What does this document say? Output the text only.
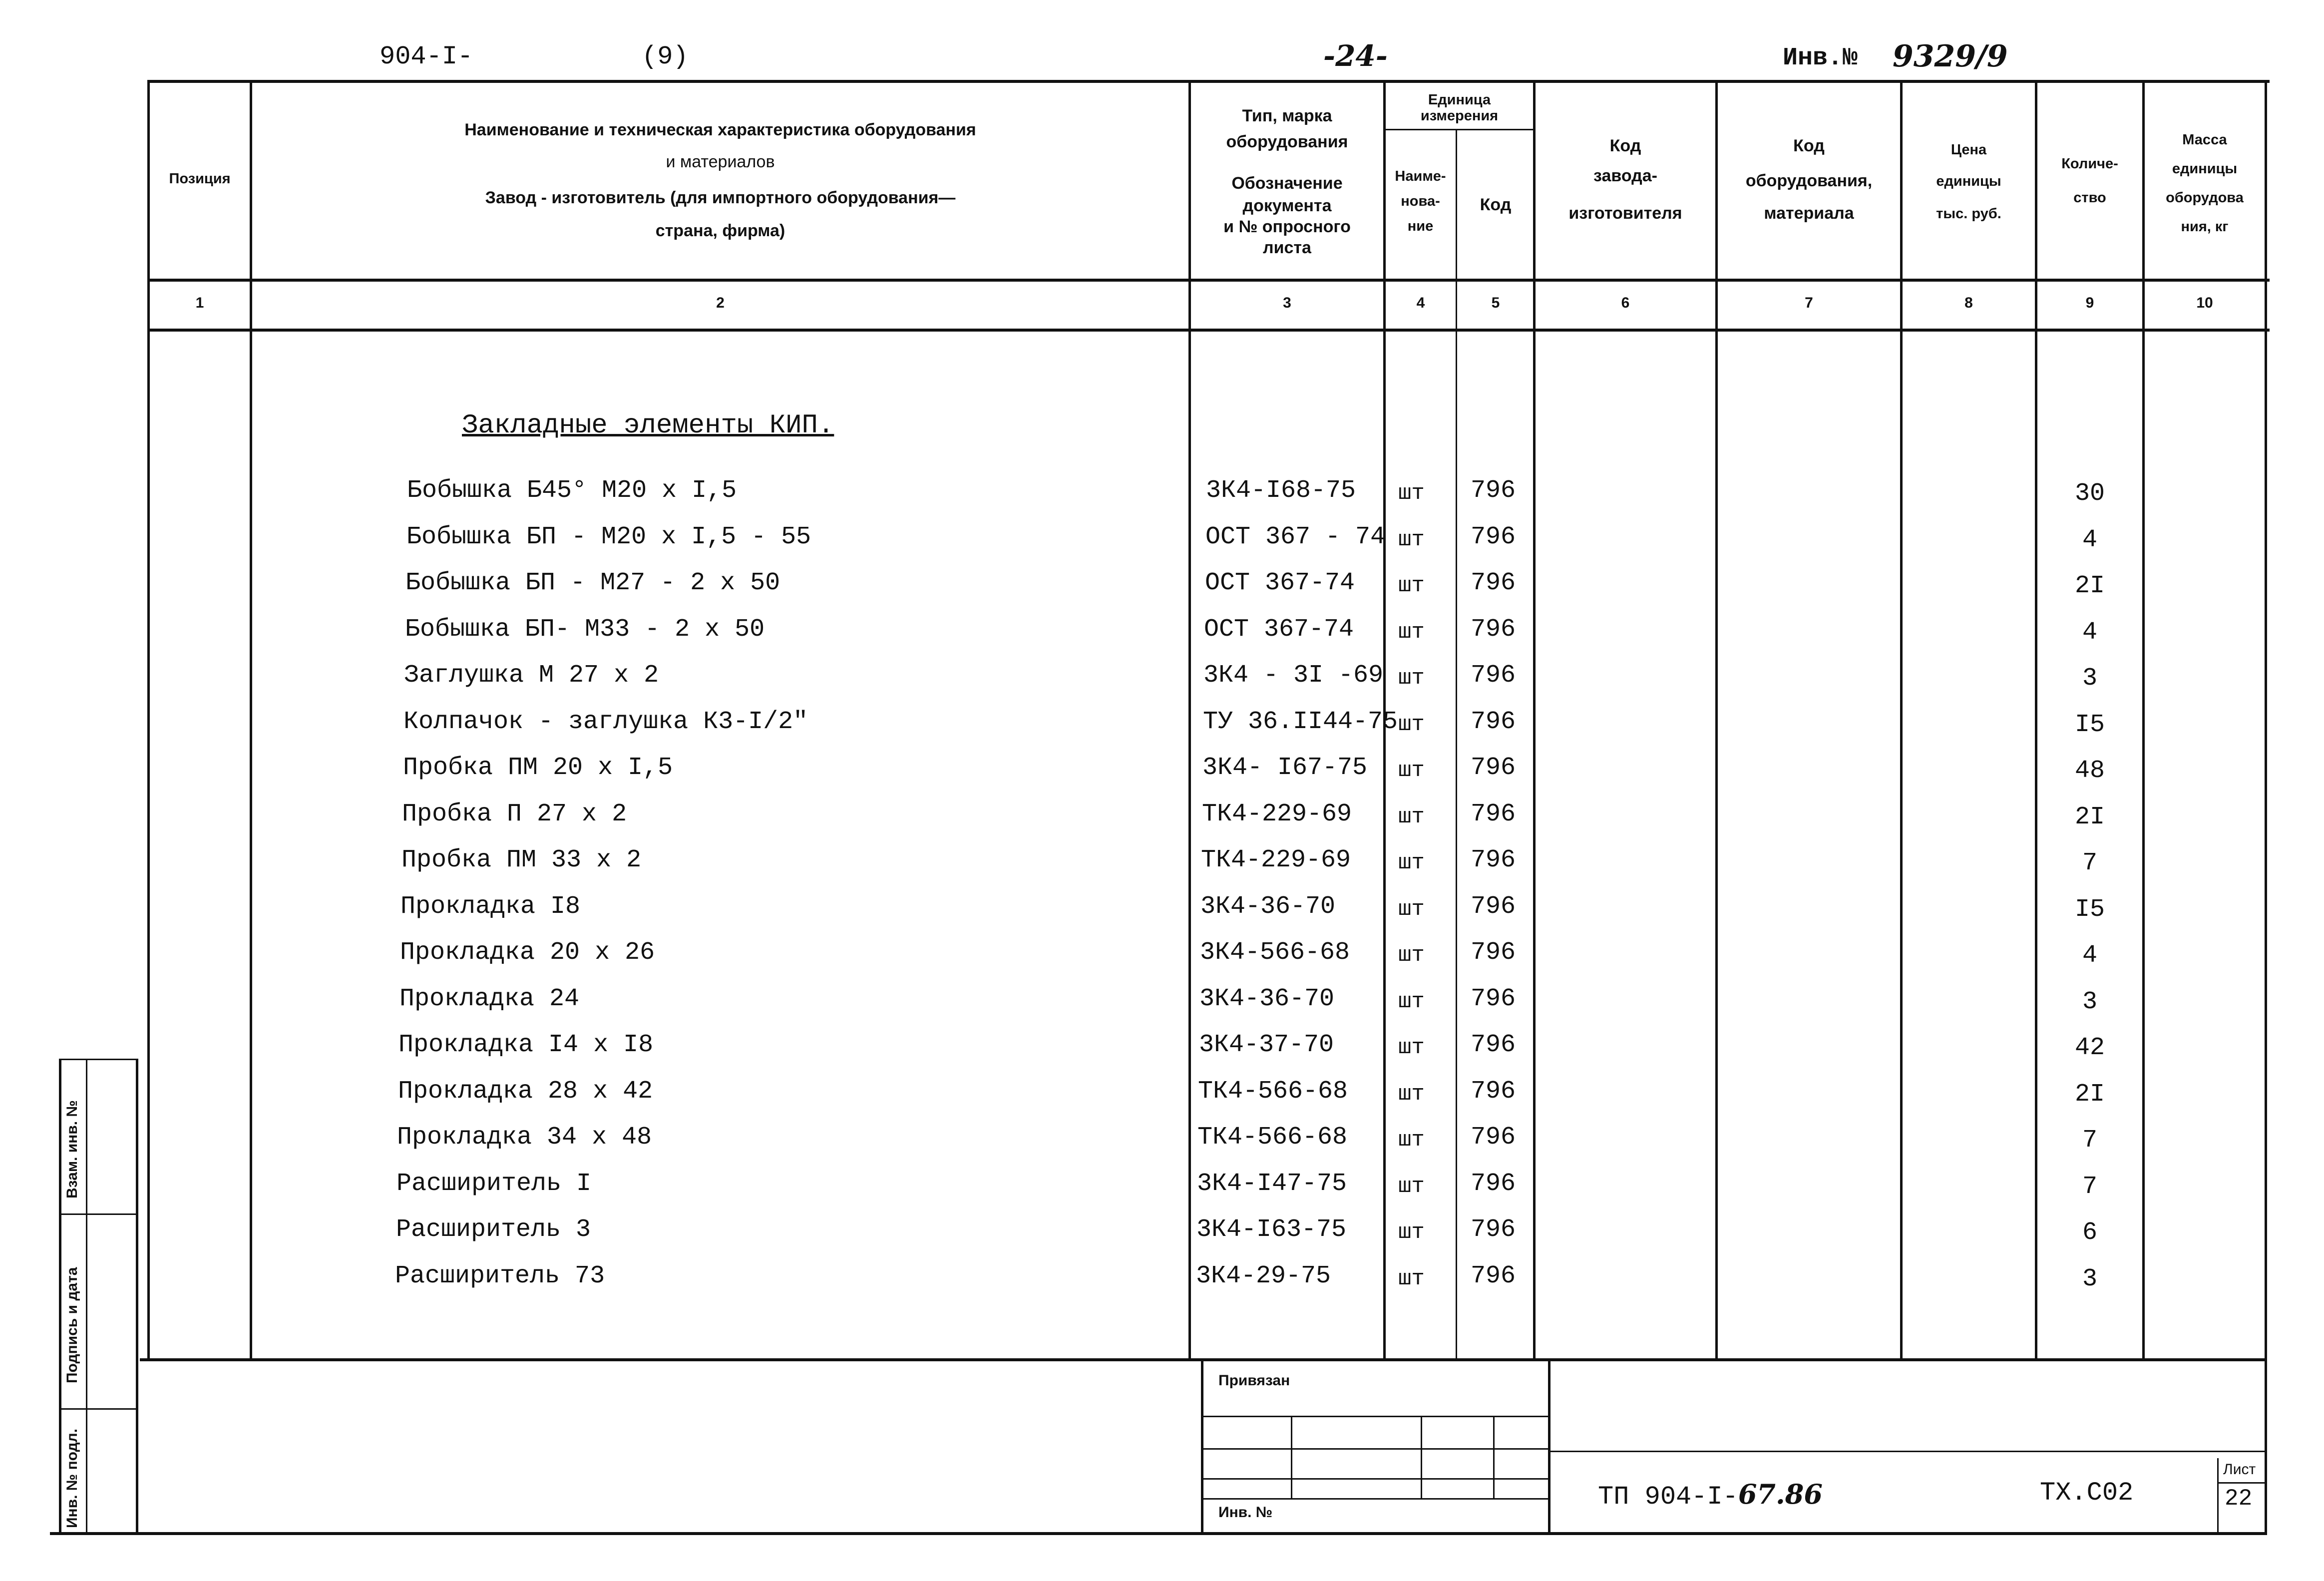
904-I-	(9)	-24-	Инв.№ 9329/9
Позиция
Наименование и техническая характеристика оборудования
и материалов
Завод - изготовитель (для импортного оборудования—
страна, фирма)
Тип, марка
оборудования
Обозначение
документа
и № опросного
листа
Единица
измерения
Наиме-
нова-
ние
Код
Код
завода-
изготовителя
Код
оборудования,
материала
Цена
единицы
тыс. руб.
Количе-
ство
Масса
единицы
оборудова
ния, кг
1	2	3	4	5	6	7	8	9	10
Закладные элементы КИП.
Бобышка Б45° М20 х I,5	3К4-I68-75 шт 796	30
Бобышка БП - М20 х I,5 - 55	ОСТ 367 - 74 шт 796	4
Бобышка БП - М27 - 2 х 50	ОСТ 367-74 шт 796	2I
Бобышка БП- М33 - 2 х 50	ОСТ 367-74 шт 796	4
Заглушка М 27 х 2	3К4 - 3I -69 шт 796	3
Колпачок - заглушка К3-I/2"	ТУ 36.II44-75 шт 796	I5
Пробка ПМ 20 х I,5	3К4- I67-75 шт 796	48
Пробка П 27 х 2	ТК4-229-69 шт 796	2I
Пробка ПМ 33 х 2	ТК4-229-69 шт 796	7
Прокладка I8	3К4-36-70	шт 796	I5
Прокладка 20 х 26	3К4-566-68 шт 796	4
Прокладка 24	3К4-36-70	шт 796	3
Прокладка I4 х I8	3К4-37-70	шт 796	42
Прокладка 28 х 42	ТК4-566-68 шт 796	2I
Прокладка 34 х 48	ТК4-566-68 шт 796	7
Расширитель I	3К4-I47-75 шт 796	7
Расширитель 3	3К4-I63-75 шт 796	6
Расширитель 73	3К4-29-75	шт 796	3
Привязан
Инв. №
ТП 904-I-67.86	ТХ.С02
Лист
22
Инв. № подл.
Подпись и дата
Взам. инв. №
